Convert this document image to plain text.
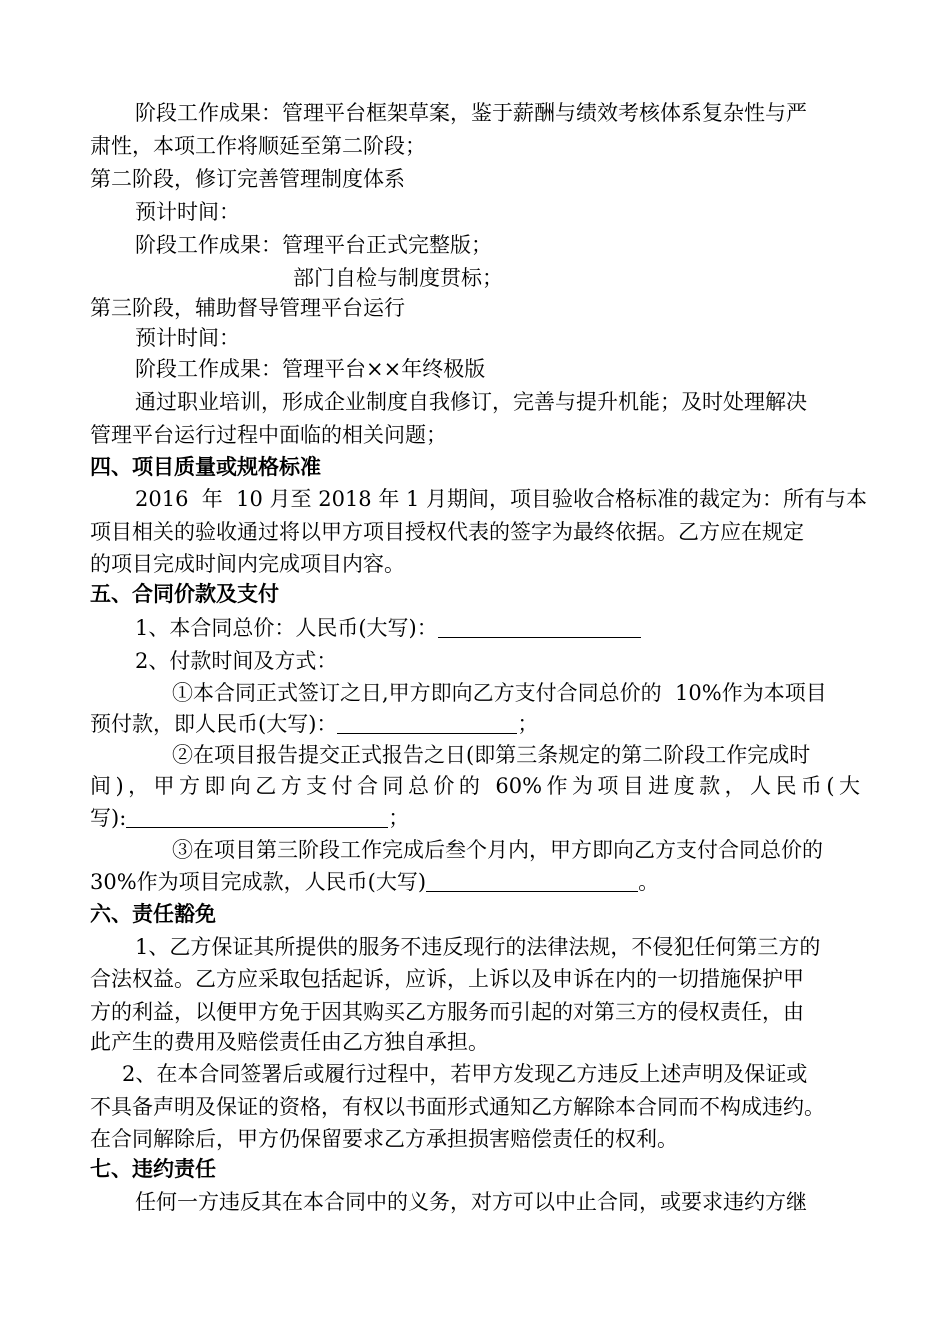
阶段工作成果：管理平台框架草案，鉴于薪酬与绩效考核体系复杂性与严
肃性，本项工作将顺延至第二阶段；
第二阶段，修订完善管理制度体系
预计时间：
阶段工作成果：管理平台正式完整版；
部门自检与制度贯标；
第三阶段，辅助督导管理平台运行
预计时间：
阶段工作成果：管理平台××年终极版
通过职业培训，形成企业制度自我修订，完善与提升机能；及时处理解决
管理平台运行过程中面临的相关问题；
四、项目质量或规格标准
2016  年  10 月至 2018 年 1 月期间，项目验收合格标准的裁定为：所有与本
项目相关的验收通过将以甲方项目授权代表的签字为最终依据。乙方应在规定
的项目完成时间内完成项目内容。
五、合同价款及支付
1、本合同总价：人民币(大写)：
2、付款时间及方式：
①本合同正式签订之日,甲方即向乙方支付合同总价的  10%作为本项目
预付款，即人民币(大写)：	；
②在项目报告提交正式报告之日(即第三条规定的第二阶段工作完成时
间)，甲方即向乙方支付合同总价的 60%作为项目进度款，人民币(大
写):	；
③在项目第三阶段工作完成后叁个月内，甲方即向乙方支付合同总价的
30%作为项目完成款，人民币(大写)	。
六、责任豁免
1、乙方保证其所提供的服务不违反现行的法律法规，不侵犯任何第三方的
合法权益。乙方应采取包括起诉，应诉，上诉以及申诉在内的一切措施保护甲
方的利益，以便甲方免于因其购买乙方服务而引起的对第三方的侵权责任，由
此产生的费用及赔偿责任由乙方独自承担。
2、在本合同签署后或履行过程中，若甲方发现乙方违反上述声明及保证或
不具备声明及保证的资格，有权以书面形式通知乙方解除本合同而不构成违约。
在合同解除后，甲方仍保留要求乙方承担损害赔偿责任的权利。
七、违约责任
任何一方违反其在本合同中的义务，对方可以中止合同，或要求违约方继
